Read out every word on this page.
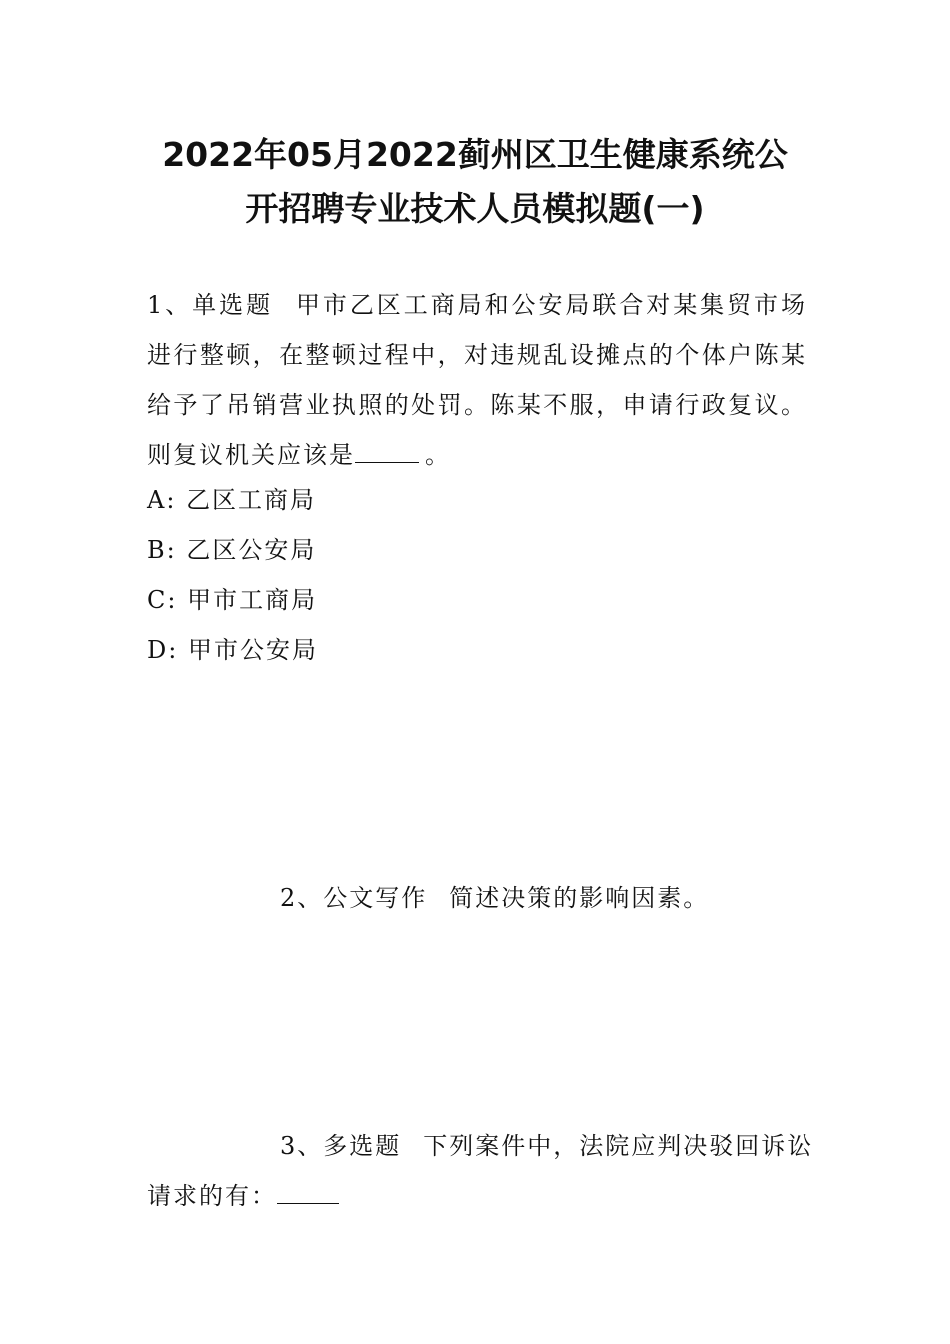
2022年05月2022蓟州区卫生健康系统公
开招聘专业技术人员模拟题(一)
1、单选题 甲市乙区工商局和公安局联合对某集贸市场进行整顿，在整顿过程中，对违规乱设摊点的个体户陈某给予了吊销营业执照的处罚。陈某不服，申请行政复议。则复议机关应该是	。
A: 乙区工商局
B: 乙区公安局
C: 甲市工商局
D: 甲市公安局
2、公文写作 简述决策的影响因素。
3、多选题 下列案件中，法院应判决驳回诉讼
请求的有：
